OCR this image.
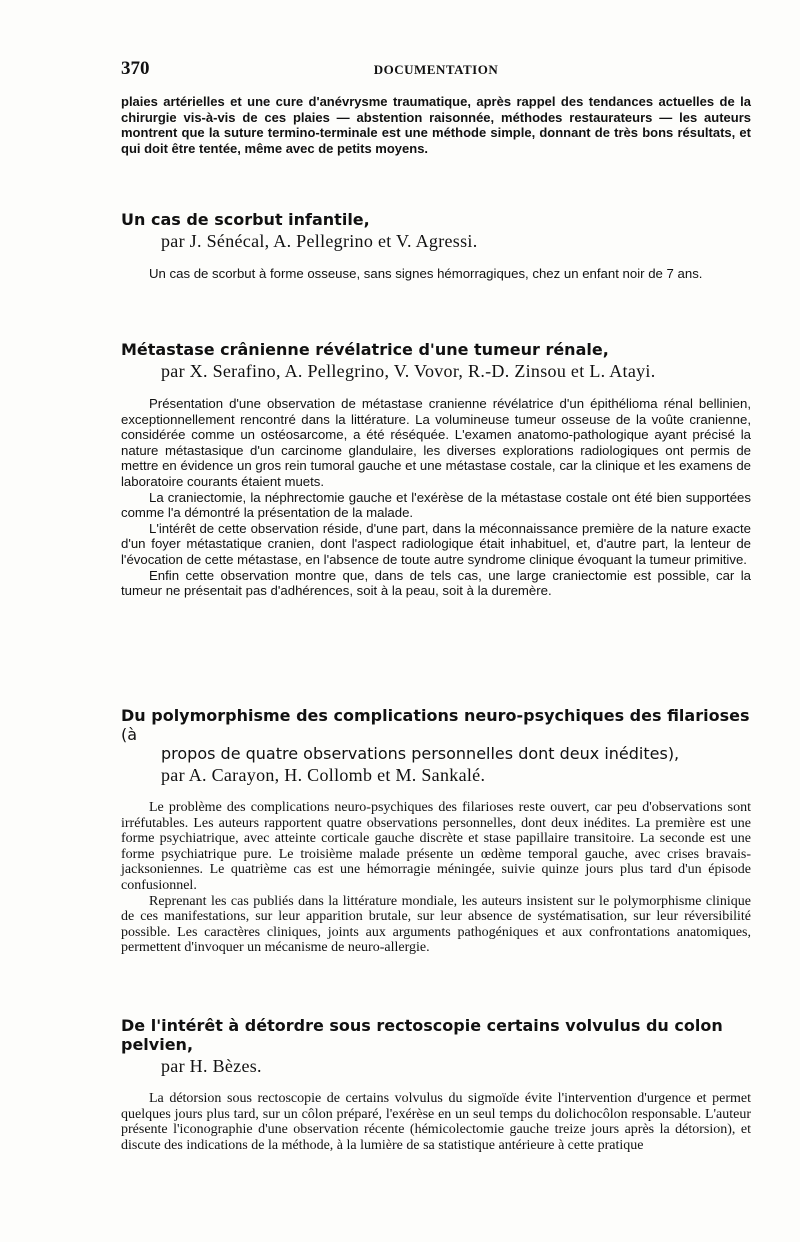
370	DOCUMENTATION

plaies artérielles et une cure d'anévrysme traumatique, après rappel des tendances actuelles de la chirurgie vis-à-vis de ces plaies — abstention raisonnée, méthodes restaurateurs — les auteurs montrent que la suture termino-terminale est une méthode simple, donnant de très bons résultats, et qui doit être tentée, même avec de petits moyens.

Un cas de scorbut infantile,

par J. Sénécal, A. Pellegrino et V. Agressi.

Un cas de scorbut à forme osseuse, sans signes hémorragiques, chez un enfant noir de 7 ans.

Métastase crânienne révélatrice d'une tumeur rénale,

par X. Serafino, A. Pellegrino, V. Vovor, R.-D. Zinsou et L. Atayi.

Présentation d'une observation de métastase cranienne révélatrice d'un épithélioma rénal bellinien, exceptionnellement rencontré dans la littérature. La volumineuse tumeur osseuse de la voûte cranienne, considérée comme un ostéosarcome, a été réséquée. L'examen anatomo-pathologique ayant précisé la nature métastasique d'un carcinome glandulaire, les diverses explorations radiologiques ont permis de mettre en évidence un gros rein tumoral gauche et une métastase costale, car la clinique et les examens de laboratoire courants étaient muets.

La craniectomie, la néphrectomie gauche et l'exérèse de la métastase costale ont été bien supportées comme l'a démontré la présentation de la malade.

L'intérêt de cette observation réside, d'une part, dans la méconnaissance première de la nature exacte d'un foyer métastatique cranien, dont l'aspect radiologique était inhabituel, et, d'autre part, la lenteur de l'évocation de cette métastase, en l'absence de toute autre syndrome clinique évoquant la tumeur primitive.

Enfin cette observation montre que, dans de tels cas, une large craniectomie est possible, car la tumeur ne présentait pas d'adhérences, soit à la peau, soit à la duremère.

Du polymorphisme des complications neuro-psychiques des filarioses (à

propos de quatre observations personnelles dont deux inédites),

par A. Carayon, H. Collomb et M. Sankalé.

Le problème des complications neuro-psychiques des filarioses reste ouvert, car peu d'observations sont irréfutables. Les auteurs rapportent quatre observations personnelles, dont deux inédites. La première est une forme psychiatrique, avec atteinte corticale gauche discrète et stase papillaire transitoire. La seconde est une forme psychiatrique pure. Le troisième malade présente un œdème temporal gauche, avec crises bravais-jacksoniennes. Le quatrième cas est une hémorragie méningée, suivie quinze jours plus tard d'un épisode confusionnel.

Reprenant les cas publiés dans la littérature mondiale, les auteurs insistent sur le polymorphisme clinique de ces manifestations, sur leur apparition brutale, sur leur absence de systématisation, sur leur réversibilité possible. Les caractères cliniques, joints aux arguments pathogéniques et aux confrontations anatomiques, permettent d'invoquer un mécanisme de neuro-allergie.

De l'intérêt à détordre sous rectoscopie certains volvulus du colon pelvien,

par H. Bèzes.

La détorsion sous rectoscopie de certains volvulus du sigmoïde évite l'intervention d'urgence et permet quelques jours plus tard, sur un côlon préparé, l'exérèse en un seul temps du dolichocôlon responsable. L'auteur présente l'iconographie d'une observation récente (hémicolectomie gauche treize jours après la détorsion), et discute des indications de la méthode, à la lumière de sa statistique antérieure à cette pratique
